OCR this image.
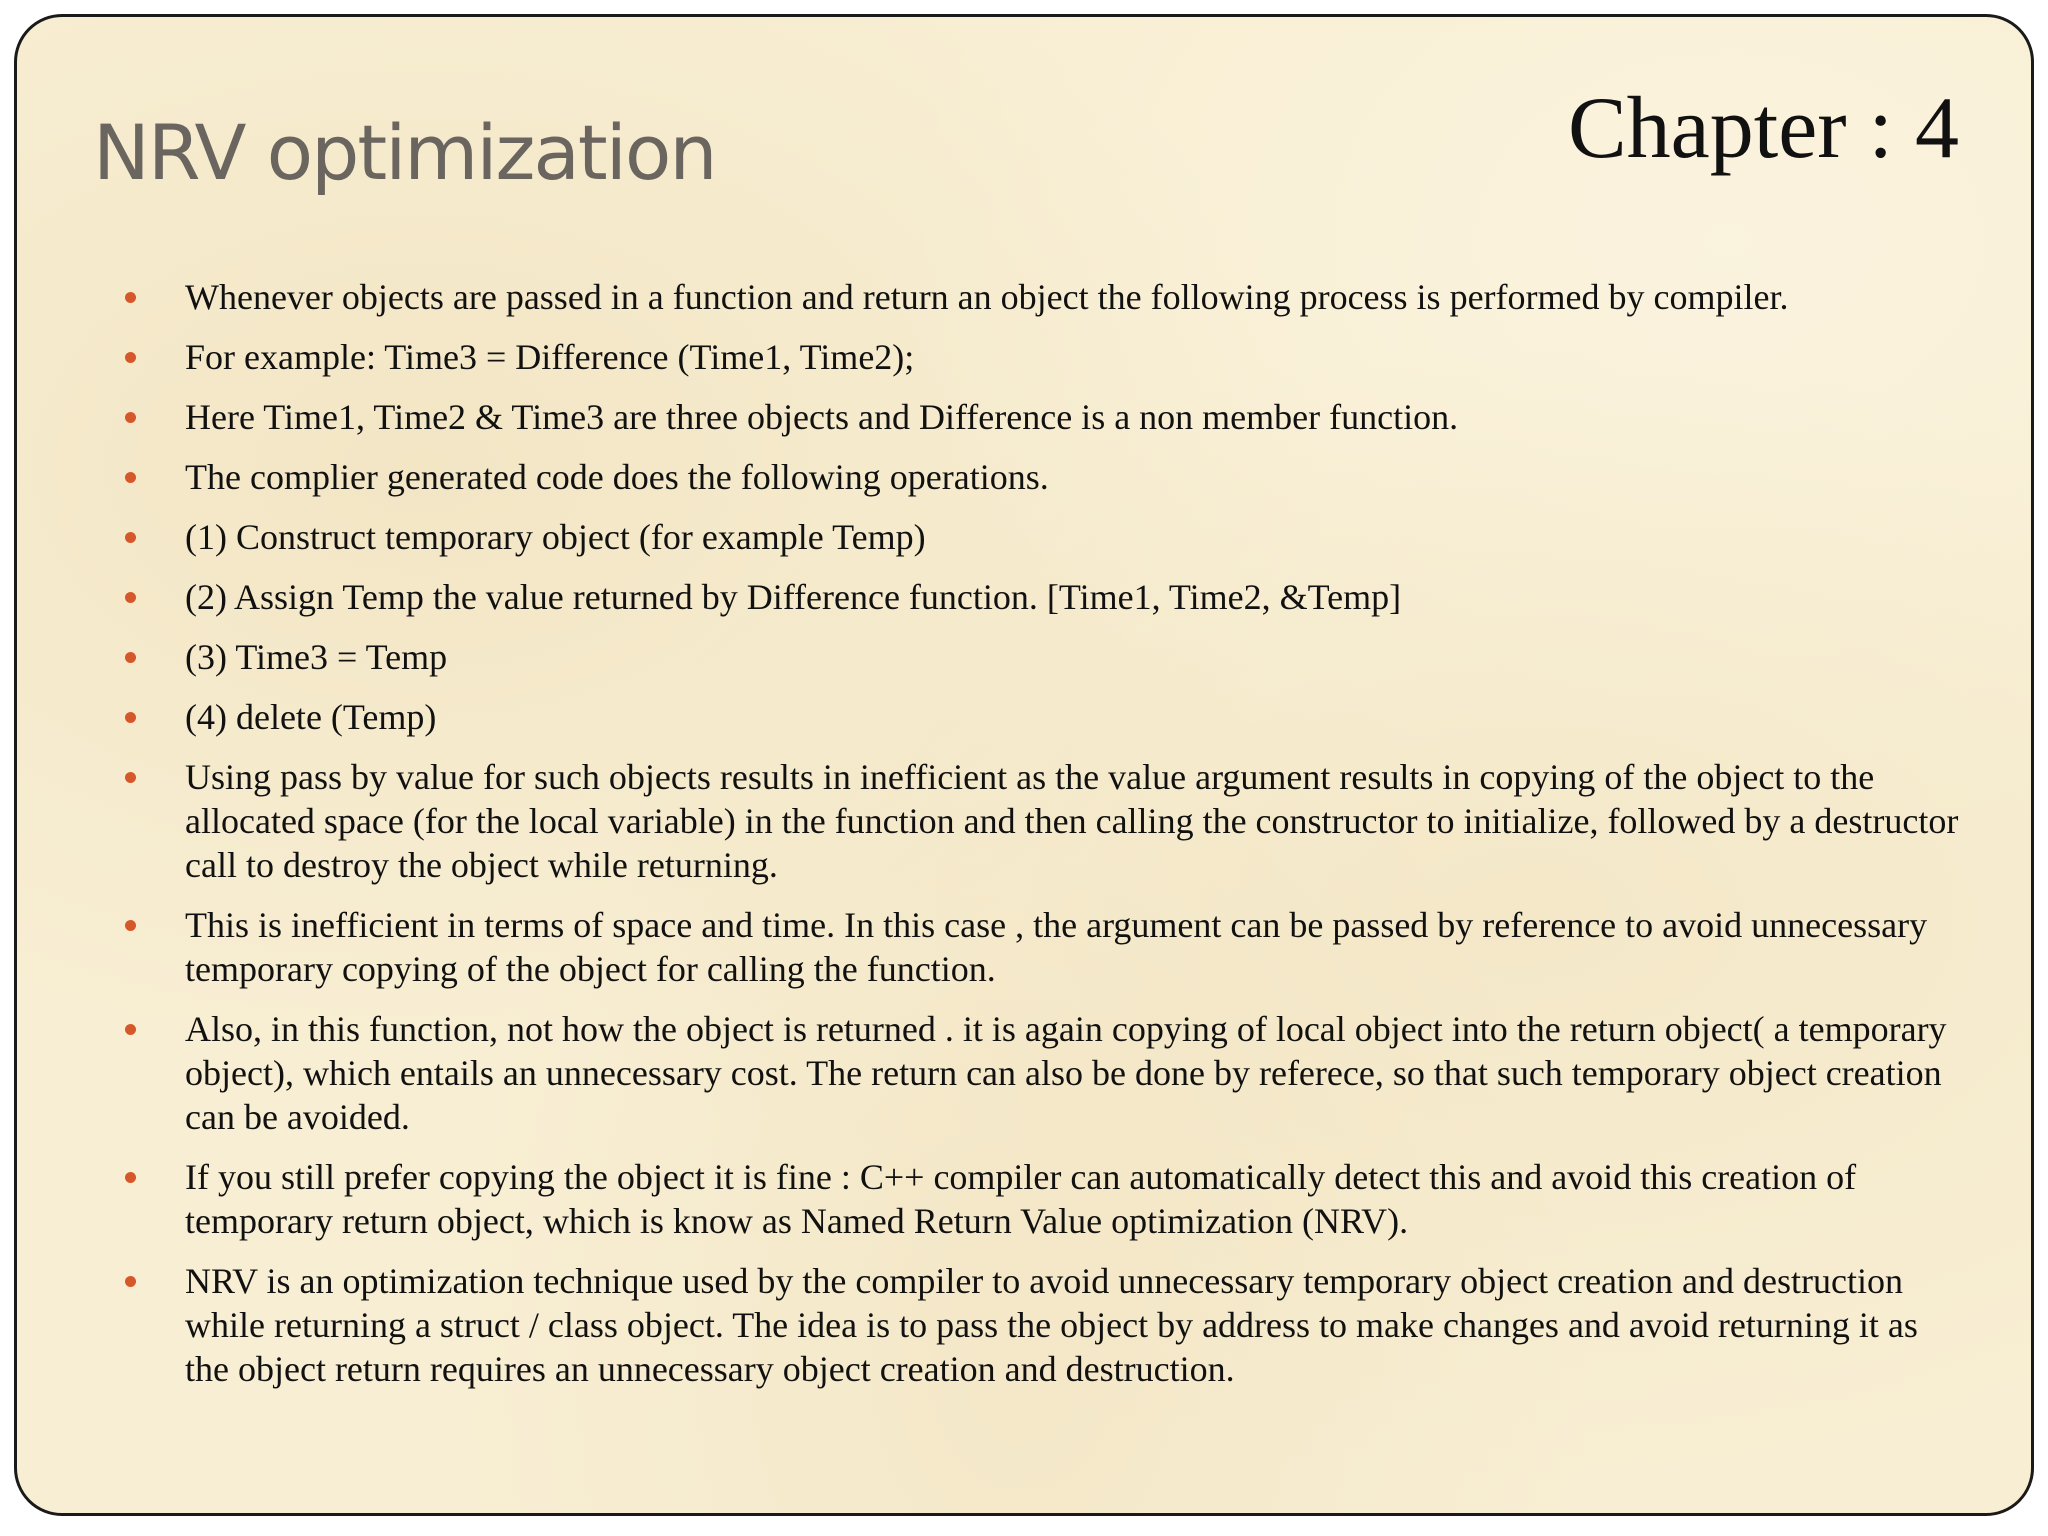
NRV optimization	Chapter : 4
Whenever objects are passed in a function and return an object the following process is performed by compiler.
For example: Time3 = Difference (Time1, Time2);
Here Time1, Time2 & Time3 are three objects and Difference is a non member function.
The complier generated code does the following operations.
(1) Construct temporary object (for example Temp)
(2) Assign Temp the value returned by Difference function. [Time1, Time2, &Temp]
(3) Time3 = Temp
(4) delete (Temp)
Using pass by value for such objects results in inefficient as the value argument results in copying of the object to the allocated space (for the local variable) in the function and then calling the constructor to initialize, followed by a destructor call to destroy the object while returning.
This is inefficient in terms of space and time. In this case , the argument can be passed by reference to avoid unnecessary temporary copying of the object for calling the function.
Also, in this function, not how the object is returned . it is again copying of local object into the return object( a temporary object), which entails an unnecessary cost. The return can also be done by referece, so that such temporary object creation can be avoided.
If you still prefer copying the object it is fine : C++ compiler can automatically detect this and avoid this creation of temporary return object, which is know as Named Return Value optimization (NRV).
NRV is an optimization technique used by the compiler to avoid unnecessary temporary object creation and destruction while returning a struct / class object. The idea is to pass the object by address to make changes and avoid returning it as the object return requires an unnecessary object creation and destruction.
